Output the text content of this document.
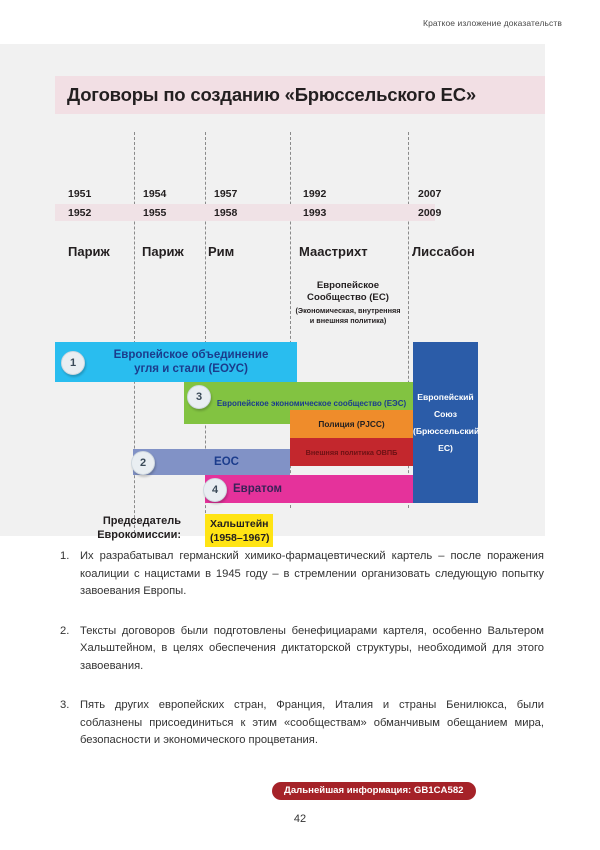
Краткое изложение доказательств
Договоры по созданию «Брюссельского ЕС»
1951	1954	1957	1992	2007
1952	1955	1958	1993	2009
Париж Париж Рим	Маастрихт	Лиссабон
Европейское
Сообщество (ЕС)
(Экономическая, внутренняя
и внешняя политика)
Европейское объединение
угля и стали (ЕОУС)
Европейское экономическое сообщество (ЕЭС)
Полиция (PJCC)
Внешняя политика ОВПБ
ЕОС
Евратом
Европейский
Союз
(Брюссельский
ЕС)
1
3
2
4
Председатель
Еврокомиссии:
Хальштейн
(1958–1967)
1. Их разрабатывал германский химико-фармацевтический картель – после поражения коалиции с нацистами в 1945 году – в стремлении организовать следующую попытку завоевания Европы.
2. Тексты договоров были подготовлены бенефициарами картеля, особенно Вальтером Хальштейном, в целях обеспечения диктаторской структуры, необходимой для этого завоевания.
3. Пять других европейских стран, Франция, Италия и страны Бенилюкса, были соблазнены присоединиться к этим «сообществам» обманчивым обещанием мира, безопасности и экономического процветания.
Дальнейшая информация: GB1CA582
42
